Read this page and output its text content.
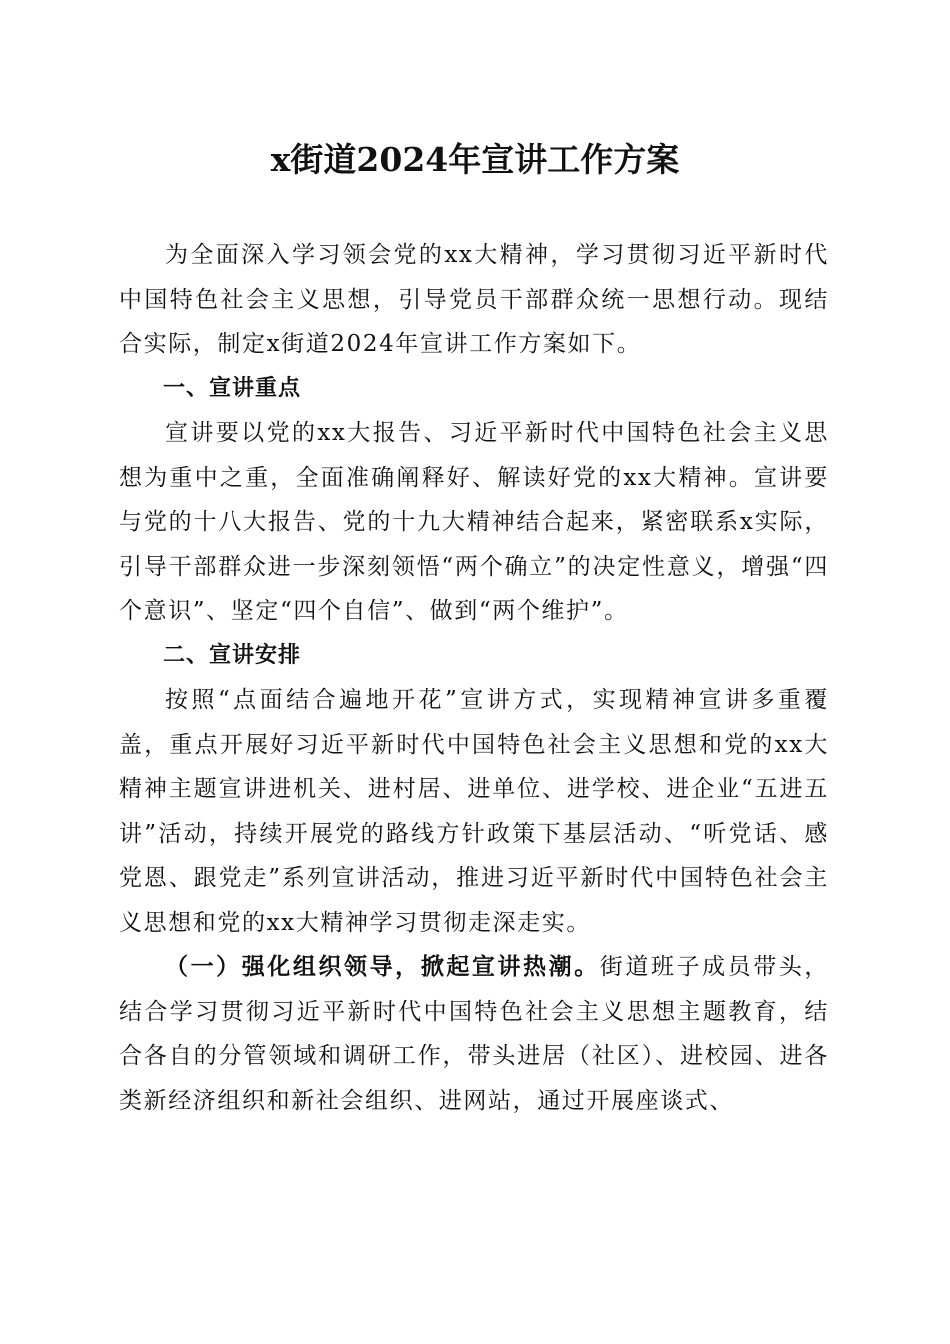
x街道2024年宣讲工作方案

为全面深入学习领会党的xx大精神，学习贯彻习近平新时代中国特色社会主义思想，引导党员干部群众统一思想行动。现结合实际，制定x街道2024年宣讲工作方案如下。

一、宣讲重点

宣讲要以党的xx大报告、习近平新时代中国特色社会主义思想为重中之重，全面准确阐释好、解读好党的xx大精神。宣讲要与党的十八大报告、党的十九大精神结合起来，紧密联系x实际，引导干部群众进一步深刻领悟“两个确立”的决定性意义，增强“四个意识”、坚定“四个自信”、做到“两个维护”。

二、宣讲安排

按照“点面结合遍地开花”宣讲方式，实现精神宣讲多重覆盖，重点开展好习近平新时代中国特色社会主义思想和党的xx大精神主题宣讲进机关、进村居、进单位、进学校、进企业“五进五讲”活动，持续开展党的路线方针政策下基层活动、“听党话、感党恩、跟党走”系列宣讲活动，推进习近平新时代中国特色社会主义思想和党的xx大精神学习贯彻走深走实。

（一）强化组织领导，掀起宣讲热潮。街道班子成员带头，结合学习贯彻习近平新时代中国特色社会主义思想主题教育，结合各自的分管领域和调研工作，带头进居（社区）、进校园、进各类新经济组织和新社会组织、进网站，通过开展座谈式、
